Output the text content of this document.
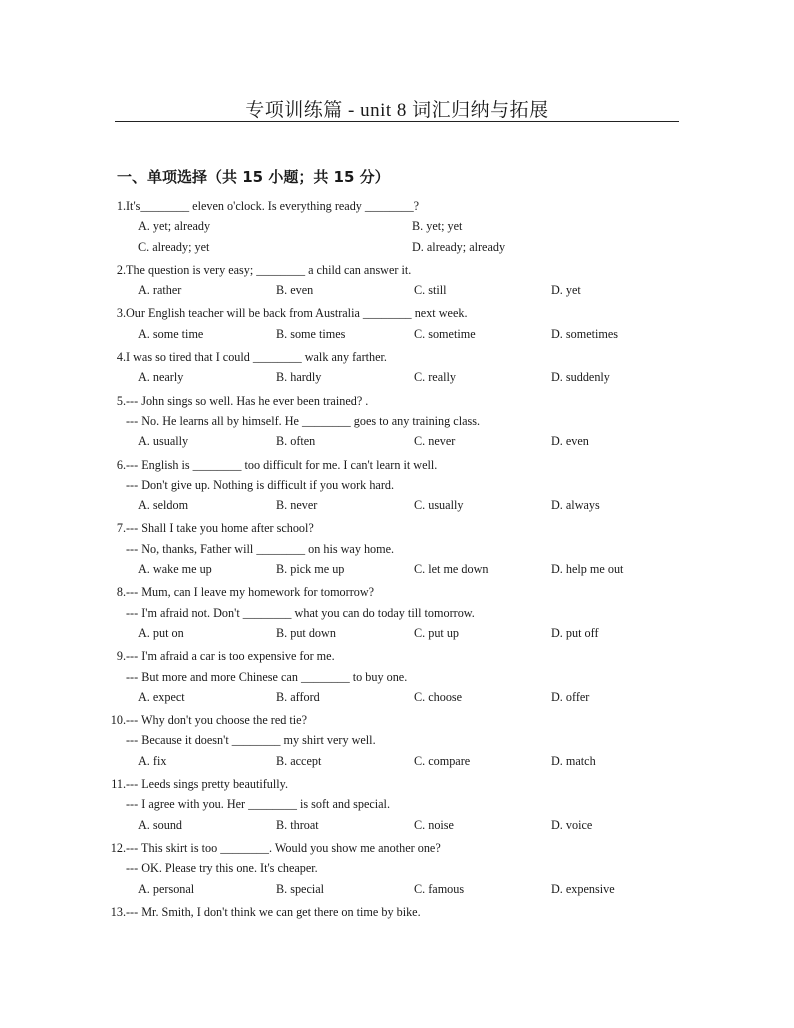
专项训练篇 - unit 8 词汇归纳与拓展
一、单项选择（共 15 小题；共 15 分）
1. It's________ eleven o'clock. Is everything ready ________?
A. yet; already	B. yet; yet
C. already; yet	D. already; already
2. The question is very easy; ________ a child can answer it.
A. rather	B. even	C. still	D. yet
3. Our English teacher will be back from Australia ________ next week.
A. some time	B. some times	C. sometime	D. sometimes
4. I was so tired that I could ________ walk any farther.
A. nearly	B. hardly	C. really	D. suddenly
5. --- John sings so well. Has he ever been trained? .
--- No. He learns all by himself. He ________ goes to any training class.
A. usually	B. often	C. never	D. even
6. --- English is ________ too difficult for me. I can't learn it well.
--- Don't give up. Nothing is difficult if you work hard.
A. seldom	B. never	C. usually	D. always
7. --- Shall I take you home after school?
--- No, thanks, Father will ________ on his way home.
A. wake me up	B. pick me up	C. let me down	D. help me out
8. --- Mum, can I leave my homework for tomorrow?
--- I'm afraid not. Don't ________ what you can do today till tomorrow.
A. put on	B. put down	C. put up	D. put off
9. --- I'm afraid a car is too expensive for me.
--- But more and more Chinese can ________ to buy one.
A. expect	B. afford	C. choose	D. offer
10. --- Why don't you choose the red tie?
--- Because it doesn't ________ my shirt very well.
A. fix	B. accept	C. compare	D. match
11. --- Leeds sings pretty beautifully.
--- I agree with you. Her ________ is soft and special.
A. sound	B. throat	C. noise	D. voice
12. --- This skirt is too ________. Would you show me another one?
--- OK. Please try this one. It's cheaper.
A. personal	B. special	C. famous	D. expensive
13. --- Mr. Smith, I don't think we can get there on time by bike.
